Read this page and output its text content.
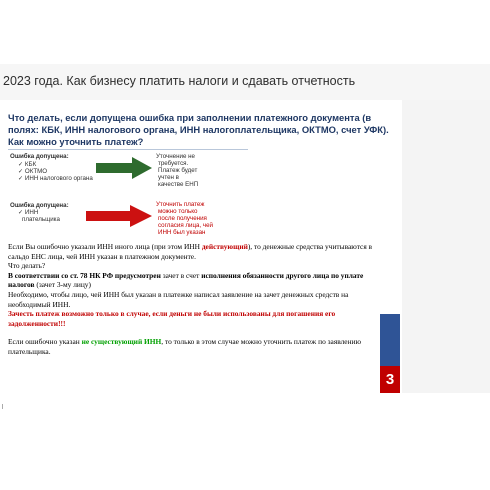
2023 года. Как бизнесу платить налоги и сдавать отчетность
Что делать, если допущена ошибка при заполнении платежного документа (в полях: КБК, ИНН налогового органа, ИНН налогоплательщика, ОКТМО, счет УФК). Как можно уточнить платеж?
Ошибка допущена:
✓ КБК
✓ ОКТМО
✓ ИНН налогового органа
Уточнение не
требуется.
Платеж будет
учтен в
качестве ЕНП
Ошибка допущена:
✓ ИНН
плательщика
Уточнить платеж
можно только
после получения
согласия лица, чей
ИНН был указан

Если Вы ошибочно указали ИНН иного лица (при этом ИНН действующий), то денежные средства учитываются в сальдо ЕНС лица, чей ИНН указан в платежном документе.

Что делать?

В соответствии со ст. 78 НК РФ предусмотрен зачет в счет исполнения обязанности другого лица по уплате налогов (зачет 3-му лицу)

Необходимо, чтобы лицо, чей ИНН был указан в платежке написал заявление на зачет денежных средств на необходимый ИНН.

Зачесть платеж возможно только в случае, если деньги не были использованы для погашения его задолженности!!!

Если ошибочно указан не существующий ИНН, то только в этом случае можно уточнить платеж по заявлению плательщика.

3
